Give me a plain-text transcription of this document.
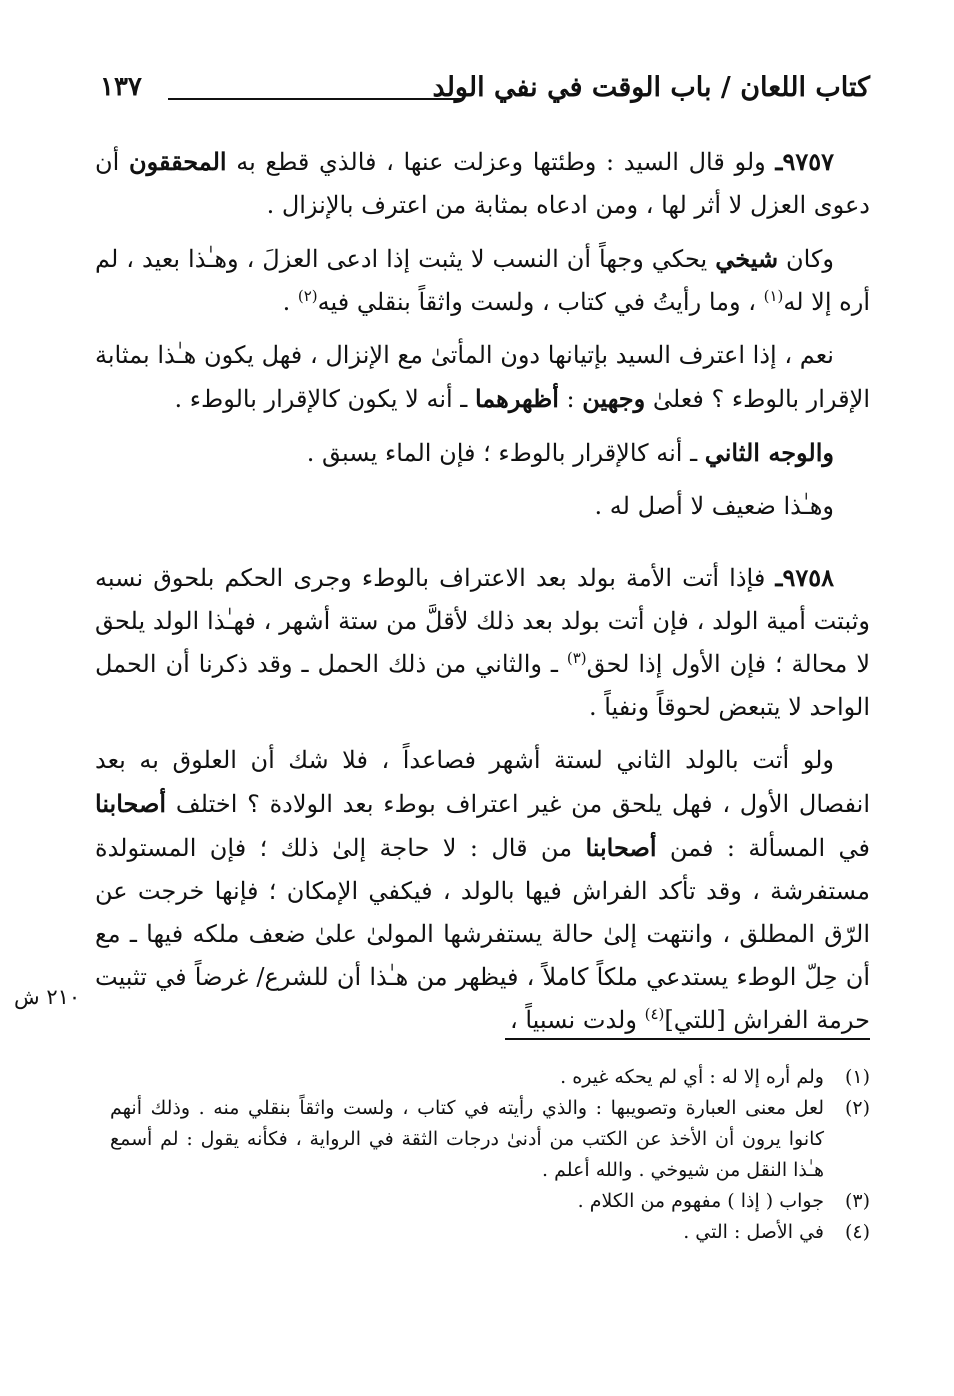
كتاب اللعان / باب الوقت في نفي الولد
١٣٧

٩٧٥٧ـ ولو قال السيد : وطئتها وعزلت عنها ، فالذي قطع به المحققون أن دعوى العزل لا أثر لها ، ومن ادعاه بمثابة من اعترف بالإنزال .

وكان شيخي يحكي وجهاً أن النسب لا يثبت إذا ادعى العزلَ ، وهـٰذا بعيد ، لم أره إلا له$^{(١)}$ ، وما رأيتُ في كتاب ، ولست واثقاً بنقلي فيه$^{(٢)}$ .

نعم ، إذا اعترف السيد بإتيانها دون المأتىٰ مع الإنزال ، فهل يكون هـٰذا بمثابة الإقرار بالوطء ؟ فعلىٰ وجهين : أظهرهما ـ أنه لا يكون كالإقرار بالوطء .

والوجه الثاني ـ أنه كالإقرار بالوطء ؛ فإن الماء يسبق .

وهـٰذا ضعيف لا أصل له .

٩٧٥٨ـ فإذا أتت الأمة بولد بعد الاعتراف بالوطء وجرى الحكم بلحوق نسبه وثبتت أمية الولد ، فإن أتت بولد بعد ذلك لأقلَّ من ستة أشهر ، فهـٰذا الولد يلحق لا محالة ؛ فإن الأول إذا لحق$^{(٣)}$ ـ والثاني من ذلك الحمل ـ وقد ذكرنا أن الحمل الواحد لا يتبعض لحوقاً ونفياً .

ولو أتت بالولد الثاني لستة أشهر فصاعداً ، فلا شك أن العلوق به بعد انفصال الأول ، فهل يلحق من غير اعتراف بوطء بعد الولادة ؟ اختلف أصحابنا في المسألة : فمن أصحابنا من قال : لا حاجة إلىٰ ذلك ؛ فإن المستولدة مستفرشة ، وقد تأكد الفراش فيها بالولد ، فيكفي الإمكان ؛ فإنها خرجت عن الرّق المطلق ، وانتهت إلىٰ حالة يستفرشها المولىٰ علىٰ ضعف ملكه فيها ـ مع أن حِلّ الوطء يستدعي ملكاً كاملاً ، فيظهر من هـٰذا أن للشرع/ غرضاً في تثبيت حرمة الفراش [للتي]$^{(٤)}$ ولدت نسبياً ،

٢١٠ ش

(١)
ولم أره إلا له : أي لم يحكه غيره .

(٢)
لعل معنى العبارة وتصويبها : والذي رأيته في كتاب ، ولست واثقاً بنقلي منه . وذلك أنهم كانوا يرون أن الأخذ عن الكتب من أدنىٰ درجات الثقة في الرواية ، فكأنه يقول : لم أسمع هـٰذا النقل من شيوخي . والله أعلم .

(٣)
جواب ( إذا ) مفهوم من الكلام .

(٤)
في الأصل : التي .
